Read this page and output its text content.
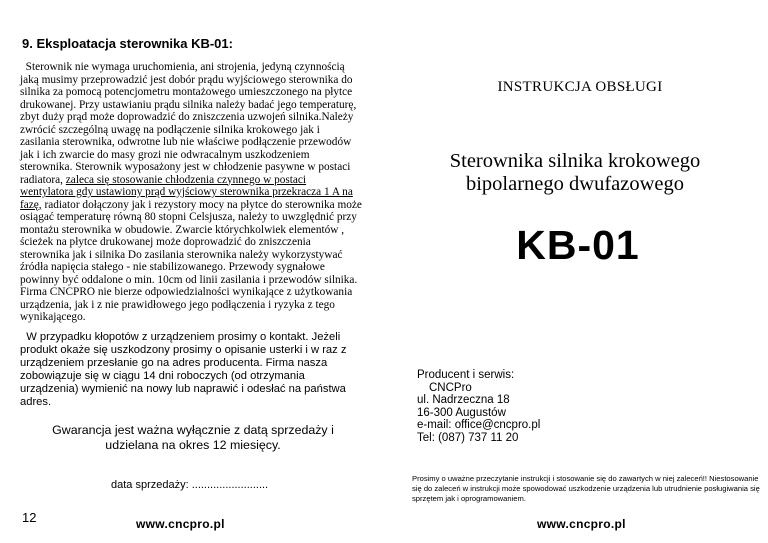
9. Eksploatacja sterownika KB-01:
Sterownik nie wymaga uruchomienia, ani strojenia, jedyną czynnością jaką musimy przeprowadzić jest dobór prądu wyjściowego sterownika do silnika za pomocą potencjometru montażowego umieszczonego na płytce drukowanej. Przy ustawianiu prądu silnika należy badać jego temperaturę, zbyt duży prąd może doprowadzić do zniszczenia uzwojeń silnika.Należy zwrócić szczególną uwagę na podłączenie silnika krokowego jak i zasilania sterownika, odwrotne lub nie właściwe podłączenie przewodów jak i ich zwarcie do masy grozi nie odwracalnym uszkodzeniem sterownika. Sterownik wyposażony jest w chłodzenie pasywne w postaci radiatora, zaleca się stosowanie chłodzenia czynnego w postaci wentylatora gdy ustawiony prąd wyjściowy sterownika przekracza 1 A na fazę, radiator dołączony jak i rezystory mocy na płytce do sterownika może osiągać temperaturę równą 80 stopni Celsjusza, należy to uwzględnić przy montażu sterownika w obudowie. Zwarcie którychkolwiek elementów , ścieżek na płytce drukowanej może doprowadzić do zniszczenia sterownika jak i silnika Do zasilania sterownika należy wykorzystywać źródła napięcia stałego - nie stabilizowanego. Przewody sygnałowe powinny być oddalone o min. 10cm od linii zasilania i przewodów silnika. Firma CNCPRO nie bierze odpowiedzialności wynikające z użytkowania urządzenia, jak i z nie prawidłowego jego podłączenia i ryzyka z tego wynikającego.
W przypadku kłopotów z urządzeniem prosimy o kontakt. Jeżeli produkt okaże się uszkodzony prosimy o opisanie usterki i w raz z urządzeniem przesłanie go na adres producenta. Firma nasza zobowiązuje się w ciągu 14 dni roboczych (od otrzymania urządzenia) wymienić na nowy lub naprawić i odesłać na państwa adres.
Gwarancja jest ważna wyłącznie z datą sprzedaży i udzielana na okres 12 miesięcy.
data sprzedaży: .........................
12	www.cncpro.pl
INSTRUKCJA OBSŁUGI
Sterownika silnika krokowego
bipolarnego dwufazowego
KB-01
Producent i serwis:
CNCPro
ul. Nadrzeczna 18
16-300 Augustów
e-mail: office@cncpro.pl
Tel: (087) 737 11 20
Prosimy o uważne przeczytanie instrukcji i stosowanie się do zawartych w niej zaleceń!! Niestosowanie się do zaleceń w instrukcji może spowodować uszkodzenie urządzenia lub utrudnienie posługiwania się sprzętem jak i oprogramowaniem.
www.cncpro.pl
